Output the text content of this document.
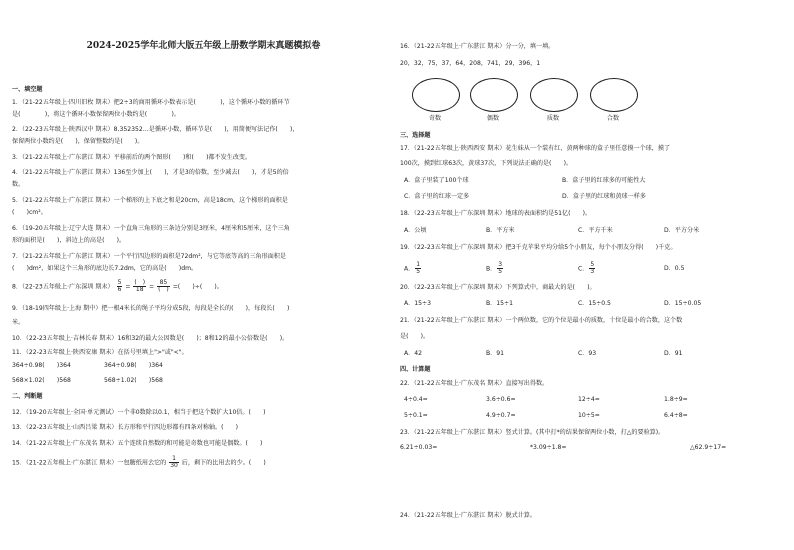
2024-2025学年北师大版五年级上册数学期末真题模拟卷
一、填空题
1．（21-22五年级上·四川旧枚 期末）把2÷3的商用循环小数表示是(　　　　)，这个循环小数的循环节
是(　　　　)，将这个循环小数保留两位小数约是(　　　　)。
2．（22-23五年级上·陕西汉中 期末）8.352352…是循环小数，循环节是(　　)，用简便写法记作(　　)，
保留两位小数约是(　　)，保留整数约是(　　)。
3．（21-22五年级上·广东湛江 期末）平移前后的两个图形(　　)和(　　)都不发生改变。
4．（21-22五年级上·广东湛江 期末）136至少加上(　　)，才是3的倍数，至少减去(　　)，才是5的倍
数。
5．（21-22五年级上·广东湛江 期末）一个梯形的上下底之和是20cm，高是18cm，这个梯形的面积是
(　　)cm²。
6．（19-20五年级上·辽宁大连 期末）一个直角三角形的三条边分别是3厘米，4厘米和5厘米，这个三角
形的面积是(　　)，斜边上的高是(　　)。
7．（21-22五年级上·广东湛江 期末）一个平行四边形的面积是72dm²，与它等底等高的三角形面积是
(　　)dm²，如果这个三角形的底边长7.2dm，它的高是(　　)dm。
8．（22-23五年级上·广东深圳 期末） $\frac{5}{6} = \frac{( )}{18} = \frac{85}{( )}$ =(　　)÷(　　)。
9．（18-19四年级上·上海 期中）把一根4米长的绳子平均分成5段，每段是全长的(　　)，每段长(　　)
米。
10．（22-23五年级上·吉林长春 期末）16和32的最大公因数是(　　)；8和12的最小公倍数是(　　)。
11．（22-23五年级上·陕西安康 期末）在括号里填上">"或"<"。
364÷0.98(　　)364	364÷0.98(　　)364
568×1.02(　　)568	568÷1.02(　　)568
二、判断题
12．（19-20五年级上·全国·单元测试）一个非0数除以0.1，相当于把这个数扩大10倍。(　　)
13．（22-23五年级上·山西吕梁 期末）长方形和平行四边形都有四条对称轴。(　　)
14．（21-22五年级上·广东茂名 期末）五个连续自然数的和可能是奇数也可能是偶数。(　　)
15．（21-22五年级上·广东湛江 期末）一包糖纸用去它的 $\frac{1}{30}$ 后，剩下的比用去的少。(　　)
16．（21-22五年级上·广东湛江 期末）分一分，填一填。
20，32，75，37，64，208，741，29，396，1
奇数	偶数	质数	合数
三、选择题
17．（21-22五年级上·陕西西安 期末）花生妹从一个装有红、黄两种球的盒子里任意摸一个球，摸了
100次，摸到红球63次，黄球37次，下列说法正确的是(　　)。
A．盒子里装了100个球	B．盒子里的红球多的可能性大
C．盒子里的红球一定多	D．盒子里的红球和黄球一样多
18．（22-23五年级上·广东深圳 期末）地球的表面积约是51亿(　　)。
A．公顷	B．平方米	C．平方千米	D．平方分米
19．（22-23五年级上·广东深圳 期末）把3千克苹果平均分给5个小朋友，每个小朋友分得(　　)千克。
A． $\frac{1}{5}$	B． $\frac{3}{5}$	C． $\frac{5}{3}$	D．0.5
20．（22-23五年级上·广东深圳 期末）下列算式中，商最大的是(　　)。
A．15÷3	B．15÷1	C．15÷0.5	D．15÷0.05
21．（21-22五年级上·广东湛江 期末）一个两位数，它的个位是最小的质数，十位是最小的合数，这个数
是(　　)。
A．42	B．91	C．93	D．91
四、计算题
22．（21-22五年级上·广东茂名 期末）直接写出得数。
4÷0.4=	3.6÷0.6=	12÷4=	1.8÷9=
5÷0.1=	4.9÷0.7=	10÷5=	6.4÷8=
23．（21-22五年级上·广东湛江 期末）竖式计算。(其中打*的结果保留两位小数，打△的要验算)。
6.21÷0.03=	*3.09÷1.8≈	△62.9÷17=
24．（21-22五年级上·广东湛江 期末）脱式计算。
